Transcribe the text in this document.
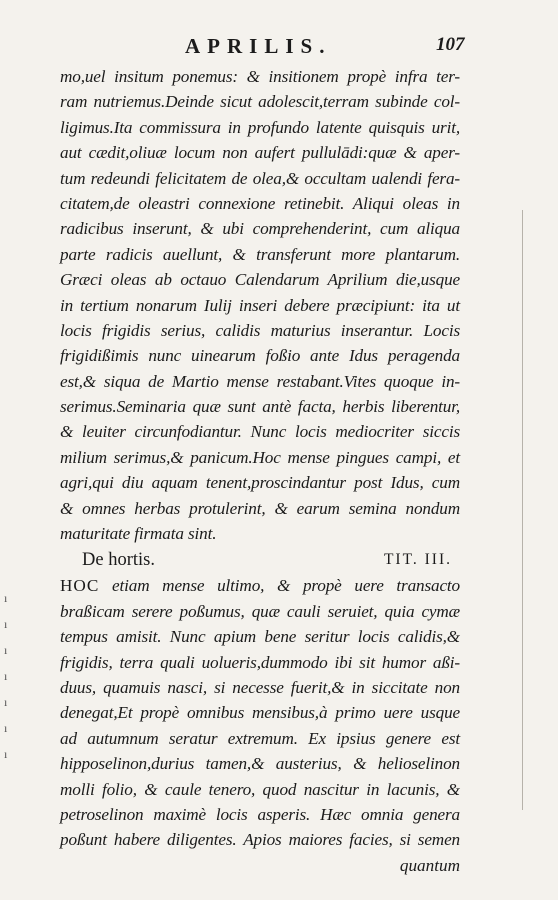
APRILIS.	107
mo,uel insitum ponemus: & insitionem propè infra ter-
ram nutriemus.Deinde sicut adolescit,terram subinde col-
ligimus.Ita commissura in profundo latente quisquis urit,
aut cædit,oliuæ locum non aufert pullulādi:quæ & aper-
tum redeundi felicitatem de olea,& occultam ualendi fera-
citatem,de oleastri connexione retinebit. Aliqui oleas in
radicibus inserunt, & ubi comprehenderint, cum aliqua
parte radicis auellunt, & transferunt more plantarum.
Græci oleas ab octauo Calendarum Aprilium die,usque
in tertium nonarum Iulij inseri debere præcipiunt: ita ut
locis frigidis serius, calidis maturius inserantur. Locis
frigidißimis nunc uinearum foßio ante Idus peragenda
est,& siqua de Martio mense restabant.Vites quoque in-
serimus.Seminaria quæ sunt antè facta, herbis liberentur,
& leuiter circunfodiantur. Nunc locis mediocriter siccis
milium serimus,& panicum.Hoc mense pingues campi, et
agri,qui diu aquam tenent,proscindantur post Idus, cum
& omnes herbas protulerint, & earum semina nondum
maturitate firmata sint.
De hortis.	TIT. III.
HOC etiam mense ultimo, & propè uere transacto
braßicam serere poßumus, quæ cauli seruiet, quia cymæ
tempus amisit. Nunc apium bene seritur locis calidis,&
frigidis, terra quali uolueris,dummodo ibi sit humor aßi-
duus, quamuis nasci, si necesse fuerit,& in siccitate non
denegat,Et propè omnibus mensibus,à primo uere usque
ad autumnum seratur extremum. Ex ipsius genere est
hipposelinon,durius tamen,& austerius, & helioselinon
molli folio, & caule tenero, quod nascitur in lacunis, &
petroselinon maximè locis asperis. Hæc omnia genera
poßunt habere diligentes. Apios maiores facies, si semen
quantum
ı
ı
ı
ı
ı
ı
ı
